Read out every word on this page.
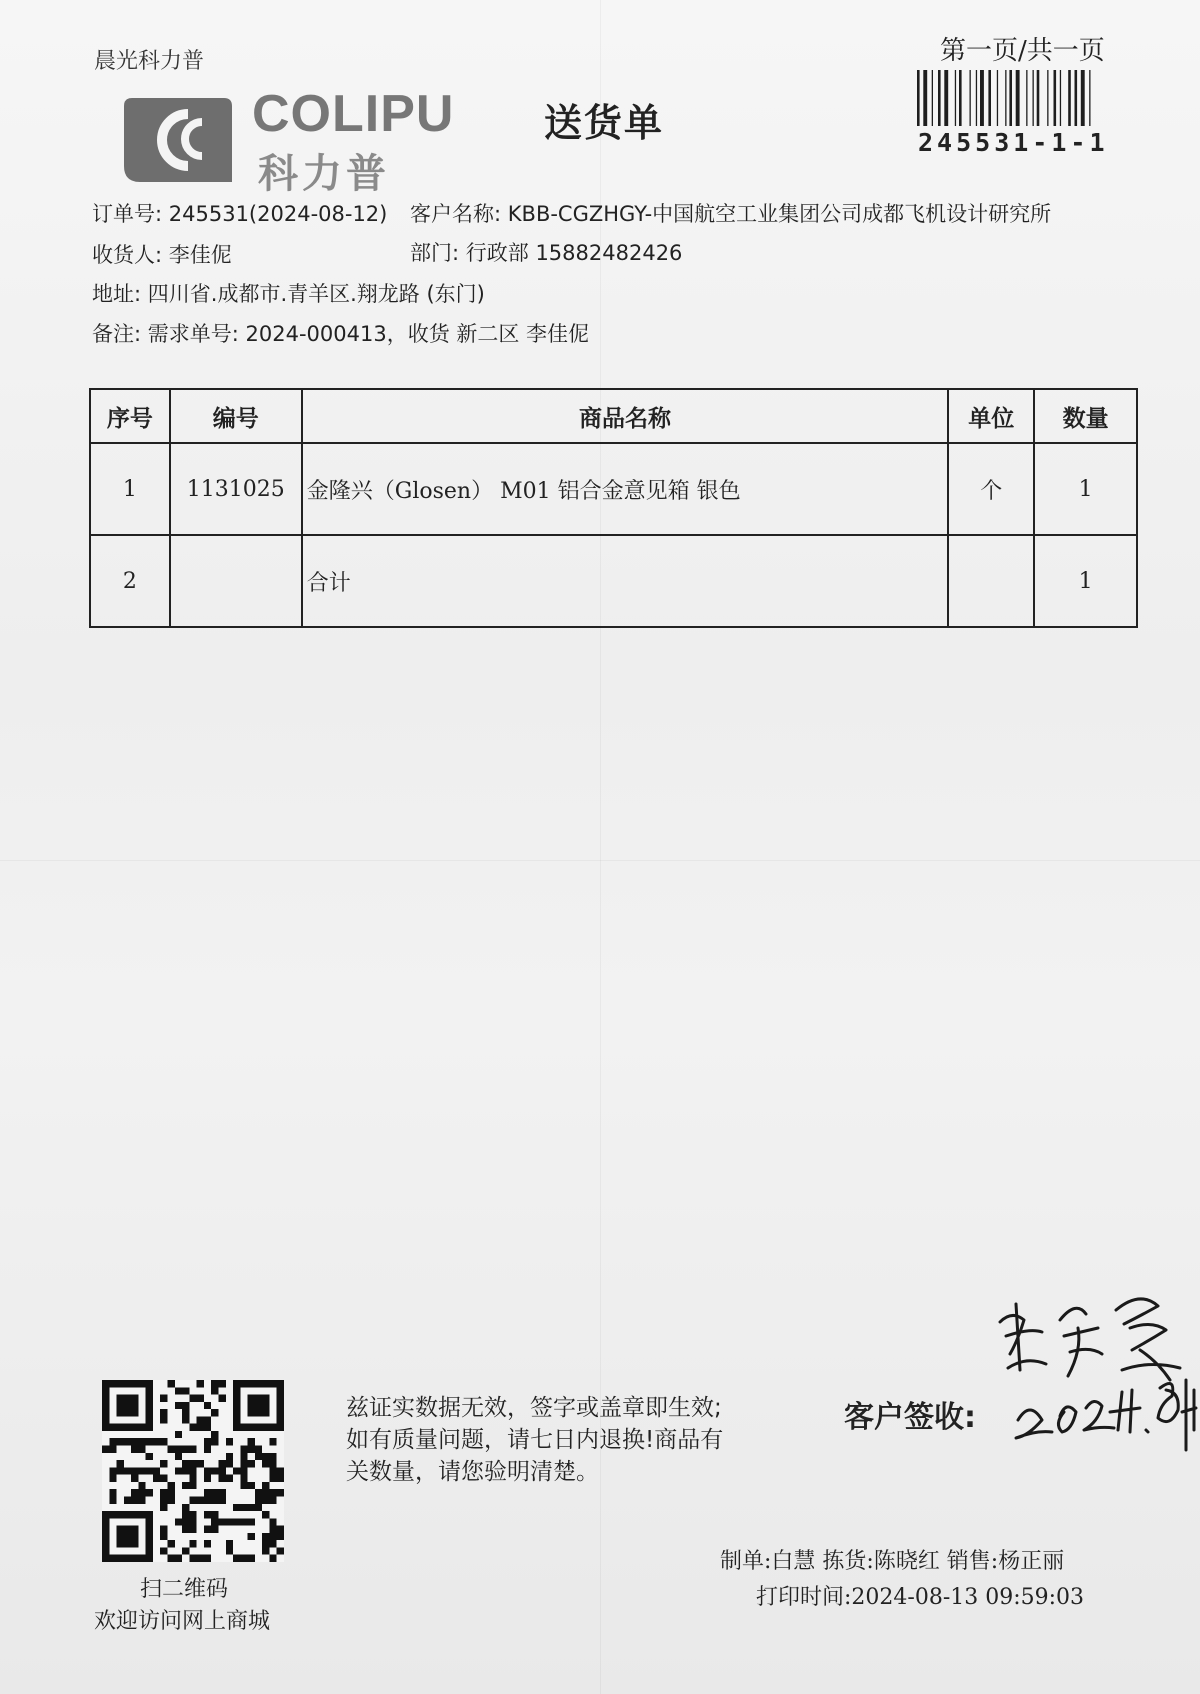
晨光科力普
COLIPU
科力普
送货单
第一页/共一页
245531-1-1
订单号: 245531(2024-08-12) 客户名称: KBB-CGZHGY-中国航空工业集团公司成都飞机设计研究所
收货人: 李佳伲	部门: 行政部 15882482426
地址: 四川省.成都市.青羊区.翔龙路 (东门)
备注: 需求单号: 2024-000413，收货 新二区 李佳伲
序号	编号	商品名称	单位	数量
1	1131025	金隆兴（Glosen） M01 铝合金意见箱 银色	个	1
2		合计		1
扫二维码
欢迎访问网上商城
兹证实数据无效，签字或盖章即生效;
如有质量问题，请七日内退换!商品有
关数量，请您验明清楚。
客户签收:
制单:白慧 拣货:陈晓红 销售:杨正丽
打印时间:2024-08-13 09:59:03
